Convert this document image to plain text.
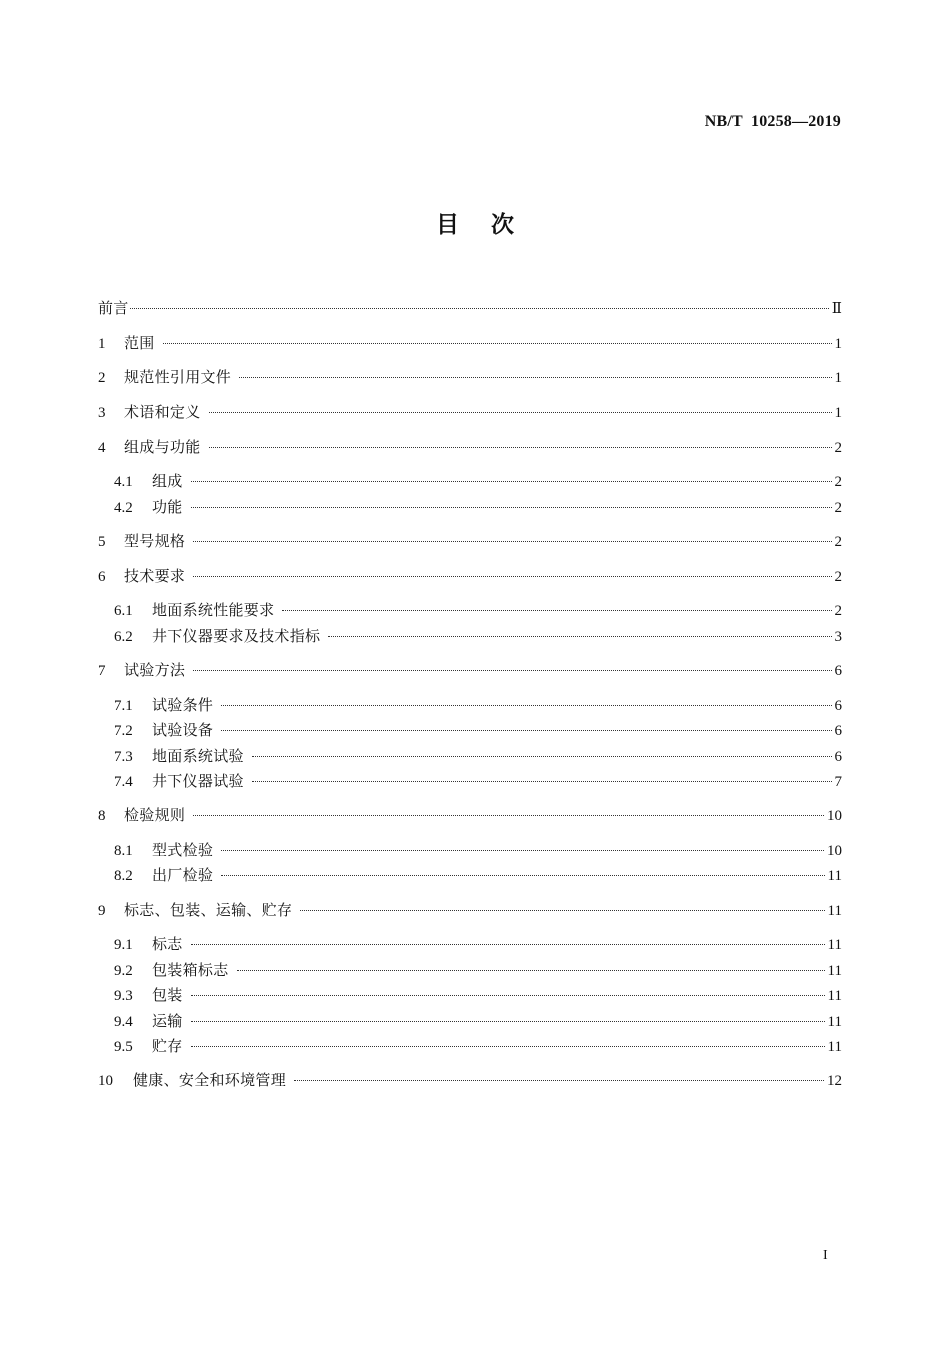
NB/T  10258—2019
目    次
前言	Ⅱ
1	范围	1
2	规范性引用文件	1
3	术语和定义	1
4	组成与功能	2
4.1	组成	2
4.2	功能	2
5	型号规格	2
6	技术要求	2
6.1	地面系统性能要求	2
6.2	井下仪器要求及技术指标	3
7	试验方法	6
7.1	试验条件	6
7.2	试验设备	6
7.3	地面系统试验	6
7.4	井下仪器试验	7
8	检验规则	10
8.1	型式检验	10
8.2	出厂检验	11
9	标志、包装、运输、贮存	11
9.1	标志	11
9.2	包装箱标志	11
9.3	包装	11
9.4	运输	11
9.5	贮存	11
10	健康、安全和环境管理	12
I
